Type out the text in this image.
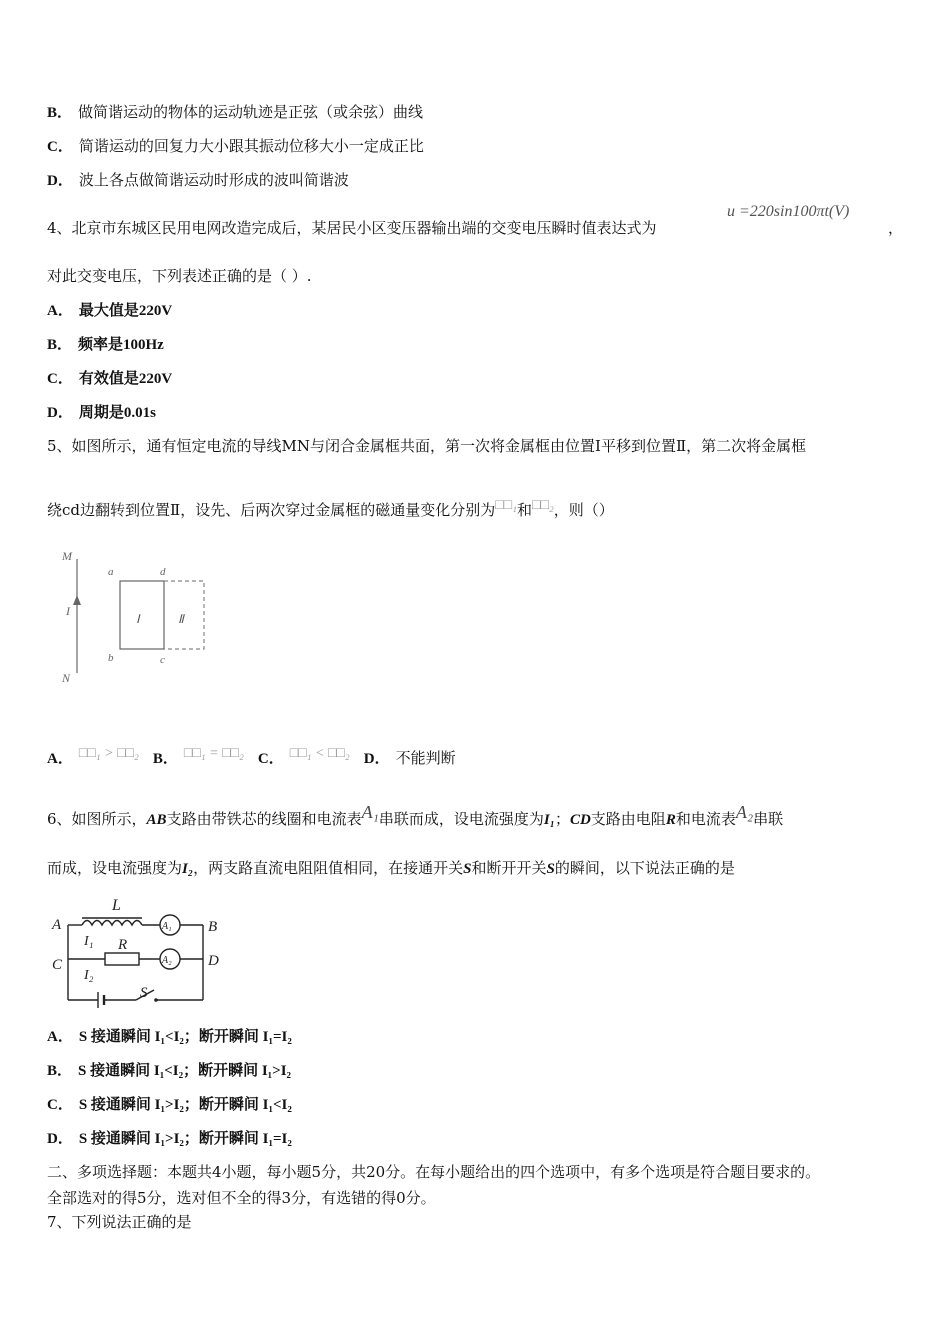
B． 做简谐运动的物体的运动轨迹是正弦（或余弦）曲线
C． 简谐运动的回复力大小跟其振动位移大小一定成正比
D． 波上各点做简谐运动时形成的波叫简谐波
4、北京市东城区民用电网改造完成后，某居民小区变压器输出端的交变电压瞬时值表达式为
u =220sin100πt(V)
，
对此交变电压，下列表述正确的是（ ）.
A． 最大值是220V
B． 频率是100Hz
C． 有效值是220V
D． 周期是0.01s
5、如图所示，通有恒定电流的导线MN与闭合金属框共面，第一次将金属框由位置Ⅰ平移到位置Ⅱ，第二次将金属框
绕cd边翻转到位置Ⅱ，设先、后两次穿过金属框的磁通量变化分别为□□₁和□□₂，则（）
M
I
N
a	d
b	c
Ⅰ	Ⅱ
A． □□₁ > □□₂ B． □□₁ = □□₂ C． □□₁ < □□₂ D． 不能判断
6、如图所示，AB支路由带铁芯的线圈和电流表A₁串联而成，设电流强度为I₁；CD支路由电阻R和电流表A₂串联
而成，设电流强度为I₂，两支路直流电阻阻值相同，在接通开关S和断开开关S的瞬间，以下说法正确的是
A	B
C	D
L
R
S
I₁
I₂
A₁
A₂
A． S 接通瞬间 I₁<I₂；断开瞬间 I₁=I₂
B． S 接通瞬间 I₁<I₂；断开瞬间 I₁>I₂
C． S 接通瞬间 I₁>I₂；断开瞬间 I₁<I₂
D． S 接通瞬间 I₁>I₂；断开瞬间 I₁=I₂
二、多项选择题：本题共4小题，每小题5分，共20分。在每小题给出的四个选项中，有多个选项是符合题目要求的。
全部选对的得5分，选对但不全的得3分，有选错的得0分。
7、下列说法正确的是
